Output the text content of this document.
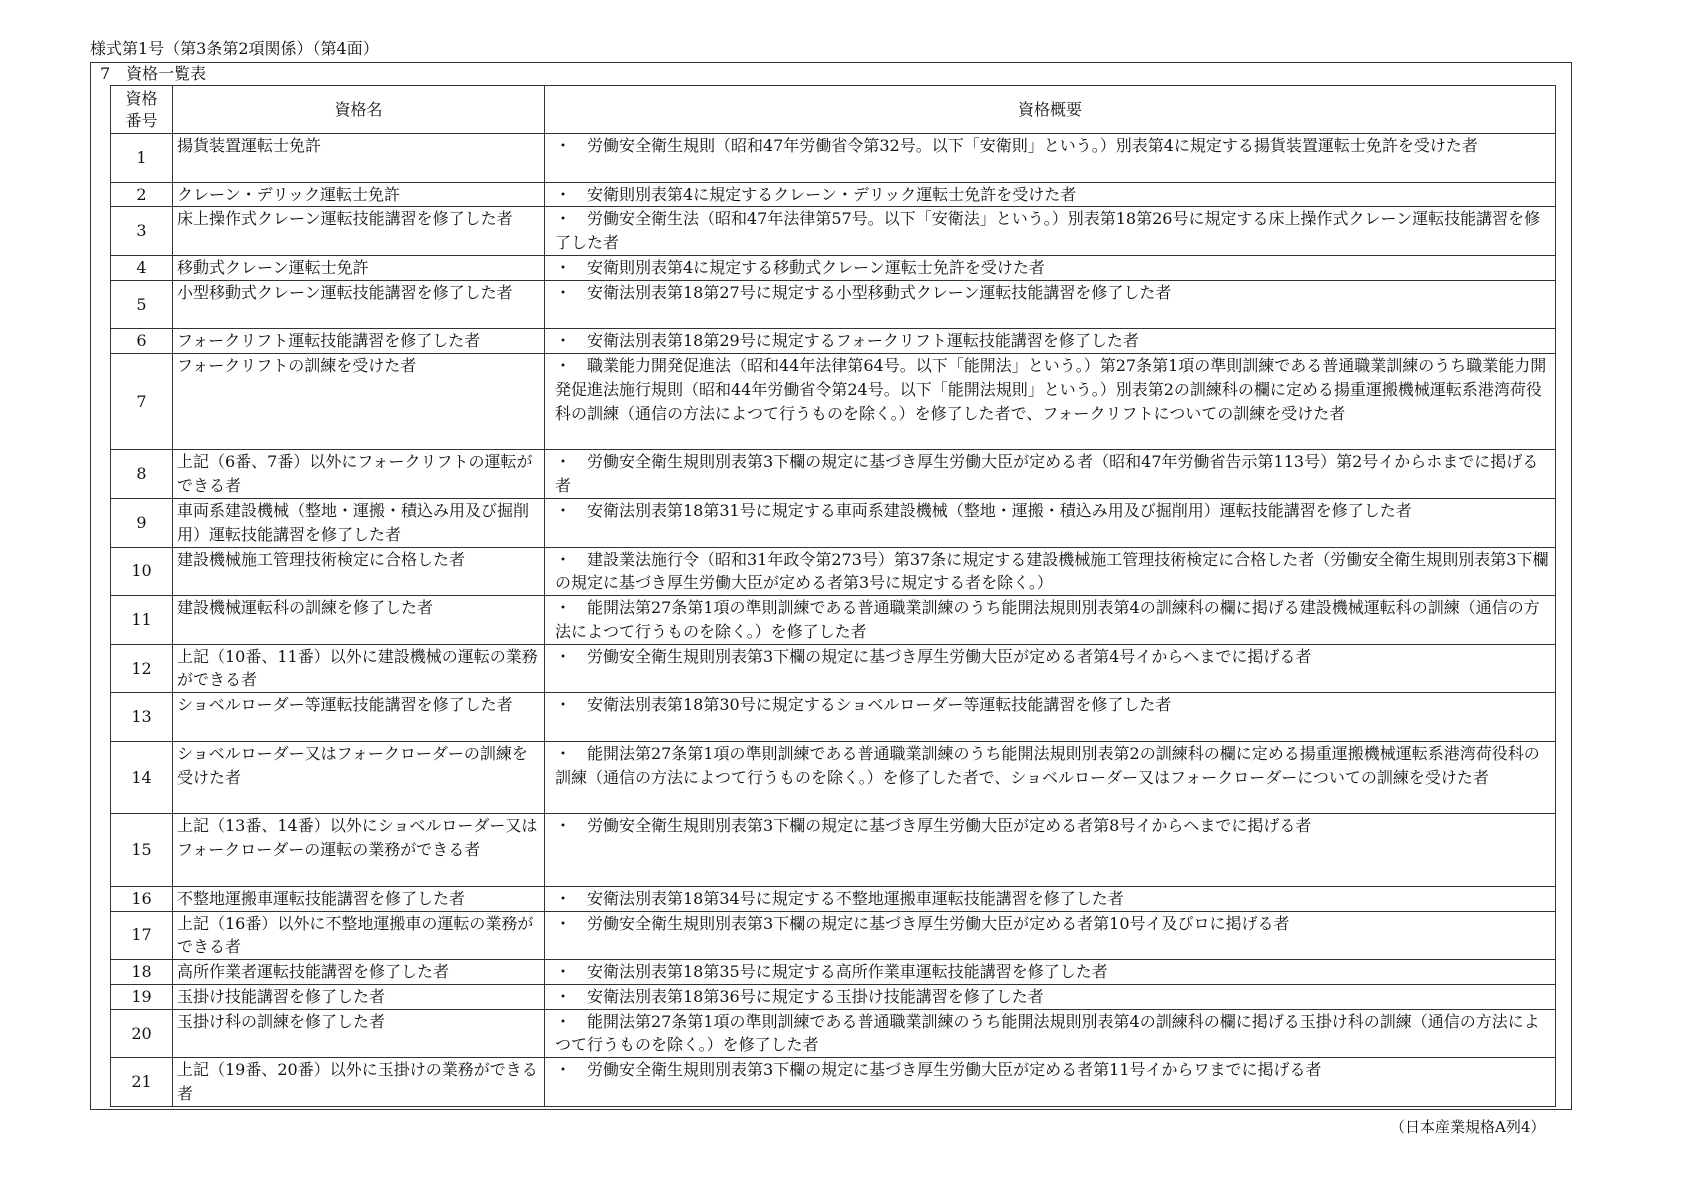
様式第1号（第3条第2項関係）（第4面）
7　資格一覧表
資格番号	資格名	資格概要
1	揚貨装置運転士免許	・　労働安全衛生規則（昭和47年労働省令第32号。以下「安衛則」という。）別表第4に規定する揚貨装置運転士免許を受けた者
2	クレーン・デリック運転士免許	・　安衛則別表第4に規定するクレーン・デリック運転士免許を受けた者
3	床上操作式クレーン運転技能講習を修了した者	・　労働安全衛生法（昭和47年法律第57号。以下「安衛法」という。）別表第18第26号に規定する床上操作式クレーン運転技能講習を修了した者
4	移動式クレーン運転士免許	・　安衛則別表第4に規定する移動式クレーン運転士免許を受けた者
5	小型移動式クレーン運転技能講習を修了した者	・　安衛法別表第18第27号に規定する小型移動式クレーン運転技能講習を修了した者
6	フォークリフト運転技能講習を修了した者	・　安衛法別表第18第29号に規定するフォークリフト運転技能講習を修了した者
7	フォークリフトの訓練を受けた者	・　職業能力開発促進法（昭和44年法律第64号。以下「能開法」という。）第27条第1項の準則訓練である普通職業訓練のうち職業能力開発促進法施行規則（昭和44年労働省令第24号。以下「能開法規則」という。）別表第2の訓練科の欄に定める揚重運搬機械運転系港湾荷役科の訓練（通信の方法によつて行うものを除く。）を修了した者で、フォークリフトについての訓練を受けた者
8	上記（6番、7番）以外にフォークリフトの運転ができる者	・　労働安全衛生規則別表第3下欄の規定に基づき厚生労働大臣が定める者（昭和47年労働省告示第113号）第2号イからホまでに掲げる者
9	車両系建設機械（整地・運搬・積込み用及び掘削用）運転技能講習を修了した者	・　安衛法別表第18第31号に規定する車両系建設機械（整地・運搬・積込み用及び掘削用）運転技能講習を修了した者
10	建設機械施工管理技術検定に合格した者	・　建設業法施行令（昭和31年政令第273号）第37条に規定する建設機械施工管理技術検定に合格した者（労働安全衛生規則別表第3下欄の規定に基づき厚生労働大臣が定める者第3号に規定する者を除く。）
11	建設機械運転科の訓練を修了した者	・　能開法第27条第1項の準則訓練である普通職業訓練のうち能開法規則別表第4の訓練科の欄に掲げる建設機械運転科の訓練（通信の方法によつて行うものを除く。）を修了した者
12	上記（10番、11番）以外に建設機械の運転の業務ができる者	・　労働安全衛生規則別表第3下欄の規定に基づき厚生労働大臣が定める者第4号イからヘまでに掲げる者
13	ショベルローダー等運転技能講習を修了した者	・　安衛法別表第18第30号に規定するショベルローダー等運転技能講習を修了した者
14	ショベルローダー又はフォークローダーの訓練を受けた者	・　能開法第27条第1項の準則訓練である普通職業訓練のうち能開法規則別表第2の訓練科の欄に定める揚重運搬機械運転系港湾荷役科の訓練（通信の方法によつて行うものを除く。）を修了した者で、ショベルローダー又はフォークローダーについての訓練を受けた者
15	上記（13番、14番）以外にショベルローダー又はフォークローダーの運転の業務ができる者	・　労働安全衛生規則別表第3下欄の規定に基づき厚生労働大臣が定める者第8号イからヘまでに掲げる者
16	不整地運搬車運転技能講習を修了した者	・　安衛法別表第18第34号に規定する不整地運搬車運転技能講習を修了した者
17	上記（16番）以外に不整地運搬車の運転の業務ができる者	・　労働安全衛生規則別表第3下欄の規定に基づき厚生労働大臣が定める者第10号イ及びロに掲げる者
18	高所作業者運転技能講習を修了した者	・　安衛法別表第18第35号に規定する高所作業車運転技能講習を修了した者
19	玉掛け技能講習を修了した者	・　安衛法別表第18第36号に規定する玉掛け技能講習を修了した者
20	玉掛け科の訓練を修了した者	・　能開法第27条第1項の準則訓練である普通職業訓練のうち能開法規則別表第4の訓練科の欄に掲げる玉掛け科の訓練（通信の方法によつて行うものを除く。）を修了した者
21	上記（19番、20番）以外に玉掛けの業務ができる者	・　労働安全衛生規則別表第3下欄の規定に基づき厚生労働大臣が定める者第11号イからワまでに掲げる者
（日本産業規格A列4）
